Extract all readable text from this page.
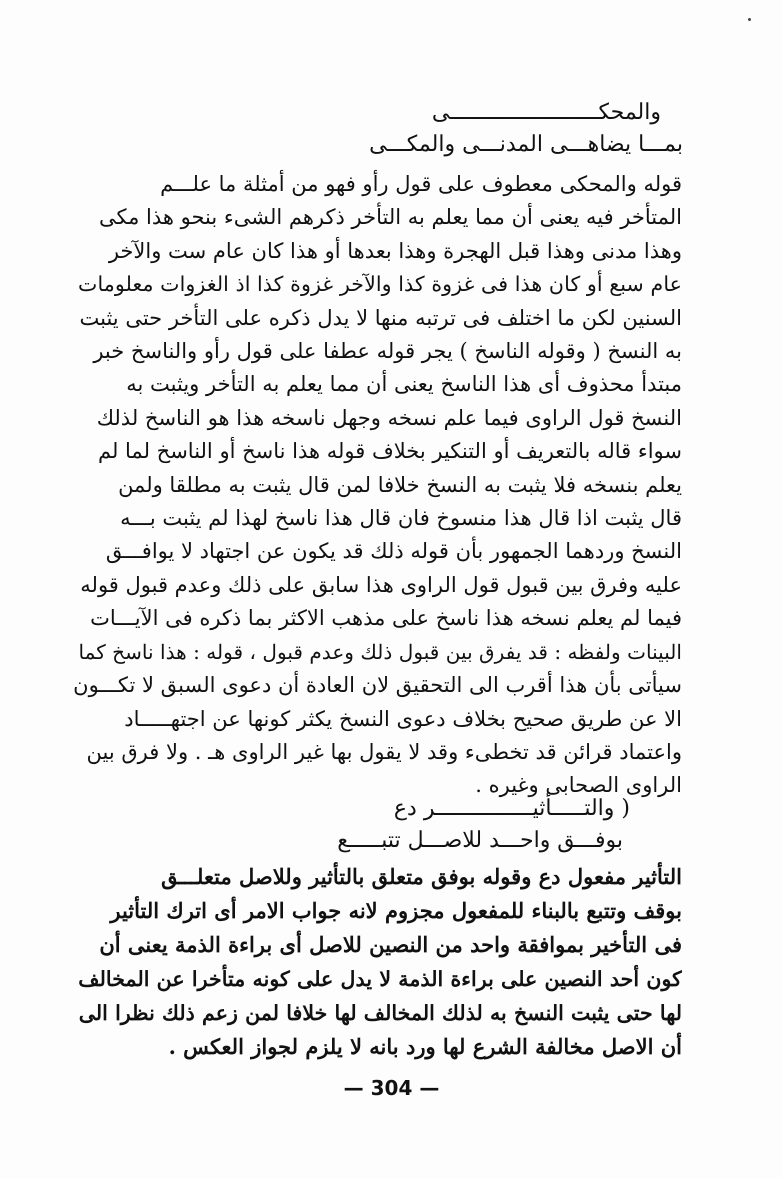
والمحكـــــــــــــــــــــــى
بمـــا يضاهـــى المدنـــى والمكـــى
قوله والمحكى معطوف على قول رأو فهو من أمثلة ما علـــم
المتأخر فيه يعنى أن مما يعلم به التأخر ذكرهم الشىء بنحو هذا مكى
وهذا مدنى وهذا قبل الهجرة وهذا بعدها أو هذا كان عام ست والآخر
عام سبع أو كان هذا فى غزوة كذا والآخر غزوة كذا اذ الغزوات معلومات
السنين لكن ما اختلف فى ترتبه منها لا يدل ذكره على التأخر حتى يثبت
به النسخ ( وقوله الناسخ ) يجر قوله عطفا على قول رأو والناسخ خبر
مبتدأ محذوف أى هذا الناسخ يعنى أن مما يعلم به التأخر ويثبت به
النسخ قول الراوى فيما علم نسخه وجهل ناسخه هذا هو الناسخ لذلك
سواء قاله بالتعريف أو التنكير بخلاف قوله هذا ناسخ أو الناسخ لما لم
يعلم بنسخه فلا يثبت به النسخ خلافا لمن قال يثبت به مطلقا ولمن
قال يثبت اذا قال هذا منسوخ فان قال هذا ناسخ لهذا لم يثبت بـــه
النسخ وردهما الجمهور بأن قوله ذلك قد يكون عن اجتهاد لا يوافـــق
عليه وفرق بين قبول قول الراوى هذا سابق على ذلك وعدم قبول قوله
فيما لم يعلم نسخه هذا ناسخ على مذهب الاكثر بما ذكره فى الآيـــات
البينات ولفظه : قد يفرق بين قبول ذلك وعدم قبول ، قوله : هذا ناسخ كما
سيأتى بأن هذا أقرب الى التحقيق لان العادة أن دعوى السبق لا تكـــون
الا عن طريق صحيح بخلاف دعوى النسخ يكثر كونها عن اجتهـــــاد
واعتماد قرائن قد تخطىء وقد لا يقول بها غير الراوى هـ . ولا فرق بين
الراوى الصحابى وغيره .
( والتـــــأثيـــــــــــــــر دع
بوفـــق واحـــد للاصـــل تتبـــــع
التأثير مفعول دع وقوله بوفق متعلق بالتأثير وللاصل متعلـــق
بوقف وتتبع بالبناء للمفعول مجزوم لانه جواب الامر أى اترك التأثير
فى التأخير بموافقة واحد من النصين للاصل أى براءة الذمة يعنى أن
كون أحد النصين على براءة الذمة لا يدل على كونه متأخرا عن المخالف
لها حتى يثبت النسخ به لذلك المخالف لها خلافا لمن زعم ذلك نظرا الى
أن الاصل مخالفة الشرع لها ورد بانه لا يلزم لجواز العكس .
— 304 —
